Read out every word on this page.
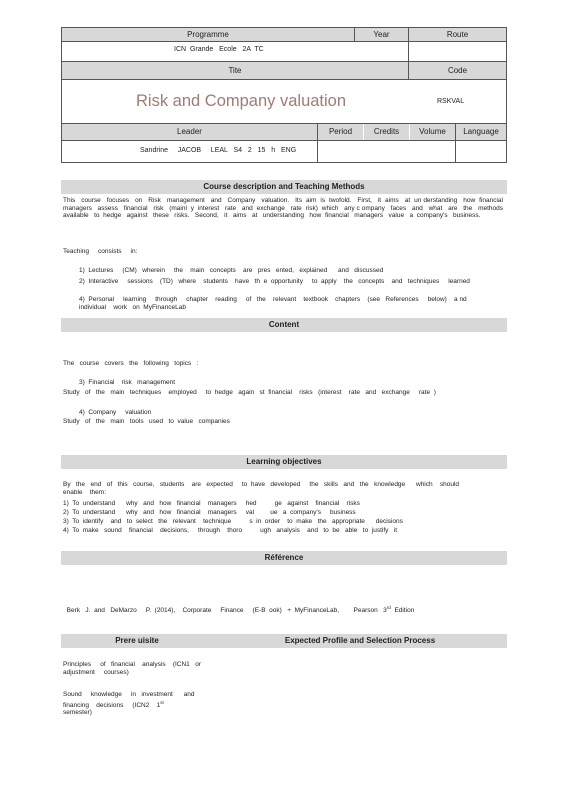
Programme	Year	Route
ICN  Grande   Ecole   2A  TC
Tite	Code
Risk and Company valuation	RSKVAL
Leader	Period	Credits	Volume	Language
Sandrine     JACOB     LEAL   S4   2   15   h   ENG
Course description and Teaching Methods
This   course   focuses   on   Risk   management   and   Company   valuation.   Its  aim  is  twofold.   First,   it  aims   at  un derstanding   how  financial   managers   assess   financial   risk   (mainl  y  interest   rate   and  exchange   rate  risk)  which   any c ompany   faces   and   what   are   the   methods   available   to  hedge   against   these   risks.   Second,   it   aims   at   understanding   how  financial   managers   value   a  company's   business.
Teaching     consists     in:
1)  Lectures     (CM)   wherein     the    main   concepts    are   pres   ented,   explained      and   discussed
2)  Interactive     sessions    (TD)   where    students    have   th  e  opportunity     to  apply    the   concepts    and   techniques     learned
4)  Personal     learning     through     chapter    reading     of   the    relevant    textbook    chapters    (see   References     below)    a nd   individual    work   on  MyFinanceLab
Content
The   course   covers   the   following   topics   :
3)  Financial    risk   management
Study   of   the   main   techniques    employed     to  hedge   again   st  financial    risks   (interest    rate   and   exchange     rate  )
4)  Company     valuation
Study   of   the   main   tools   used   to  value   companies
Learning objectives
By   the   end   of   this   course,   students    are   expected     to  have   developed     the   skills   and   the   knowledge      which    should   enable    them:
1)  To  understand      why   and   how   financial    managers     hed          ge   against    financial    risks
2)  To  understand      why   and   how   financial    managers     val         ue   a  company's     business
3)  To  identify    and   to  select   the   relevant    technique          s  in  order    to  make   the   appropriate      decisions
4)  To  make   sound    financial    decisions,     through    thoro          ugh   analysis    and   to  be   able   to  justify   it
Référence

Berk   J.  and   DeMarzo     P.  (2014),    Corporate     Finance     (E-B  ook)   +  MyFinanceLab,        Pearson 3rd Edition

Prere uisite	Expected Profile and Selection Process
Principles     of   financial    analysis    (ICN1   or  adjustment     courses)
Sound     knowledge     in   investment      and   financing    decisions     (ICN2    1st
semester)
